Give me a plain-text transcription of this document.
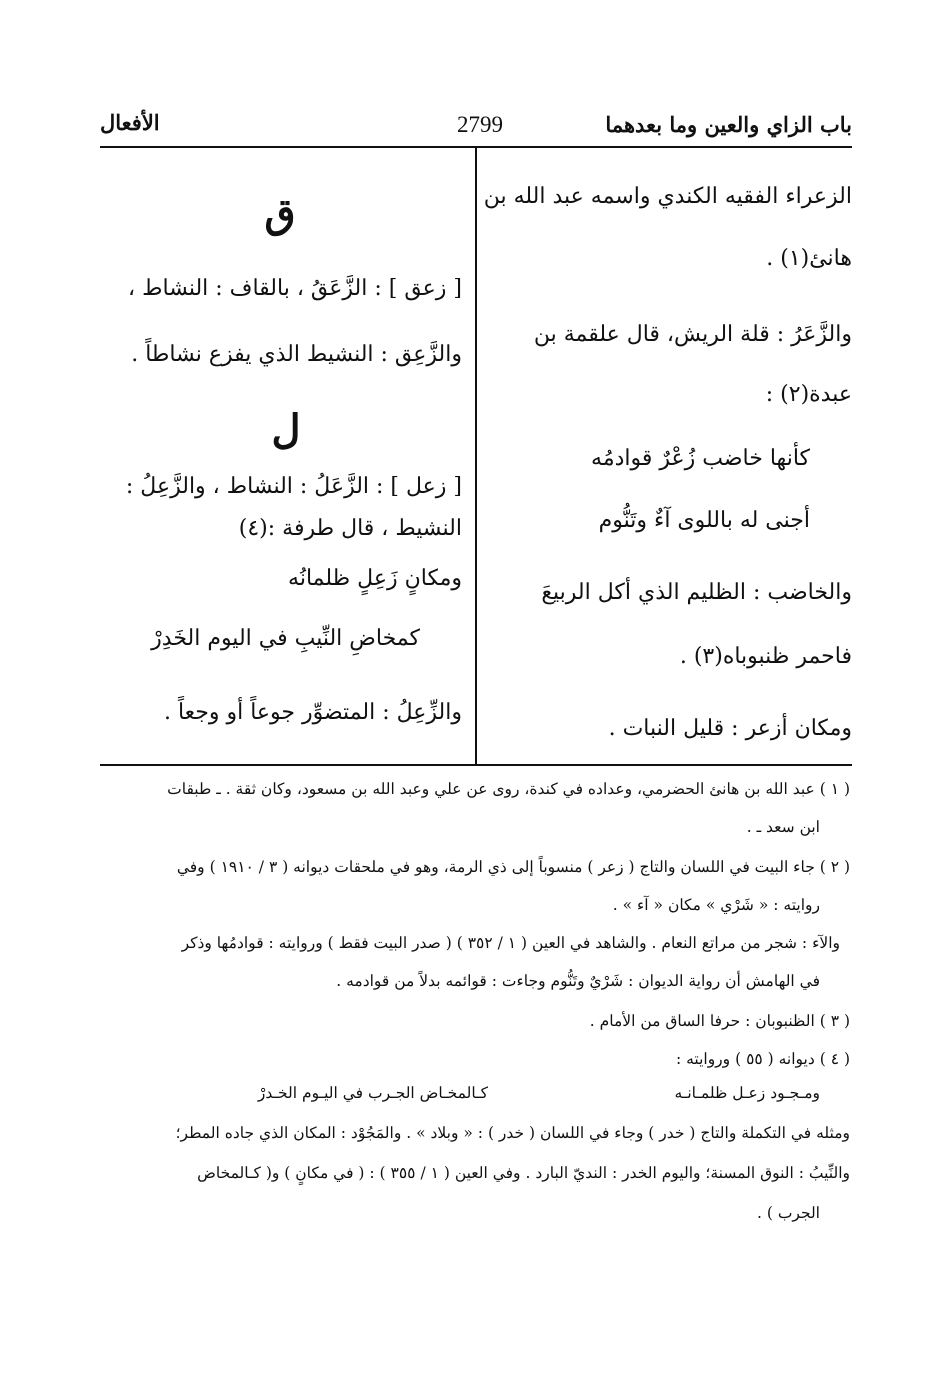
باب الزاي والعين وما بعدهما
2799
الأفعال
الزعراء الفقيه الكندي واسمه عبد الله بن
هانئ(١) .
والزَّعَرُ : قلة الريش، قال علقمة بن
عبدة(٢) :
كأنها خاضب زُعْرٌ قوادمُه
أجنى له باللوى آءٌ وتَنُّوم
والخاضب : الظليم الذي أكل الربيعَ
فاحمر ظنبوباه(٣) .
ومكان أزعر : قليل النبات .
ق
[ زعق ] : الزَّعَقُ ، بالقاف : النشاط ،
والزَّعِق : النشيط الذي يفزع نشاطاً .
ل
[ زعل ] : الزَّعَلُ : النشاط ، والزَّعِلُ :
النشيط ، قال طرفة :(٤)
ومكانٍ زَعِلٍ ظلمانُه
كمخاضِ النِّيبِ في اليوم الخَدِرْ
والزِّعِلُ : المتضوِّر جوعاً أو وجعاً .
( ١ ) عبد الله بن هانئ الحضرمي، وعداده في كندة، روى عن علي وعبد الله بن مسعود، وكان ثقة . ـ طبقات
ابن سعد ـ .
( ٢ ) جاء البيت في اللسان والتاج ( زعر ) منسوباً إلى ذي الرمة، وهو في ملحقات ديوانه ( ٣ / ١٩١٠ ) وفي
روايته : « شَرْي » مكان « آء » .
والآء : شجر من مراتع النعام . والشاهد في العين ( ١ / ٣٥٢ ) ( صدر البيت فقط ) وروايته : قوادمُها وذكر
في الهامش أن رواية الديوان : شَرْيٌ وتَنُّوم وجاءت : قوائمه بدلاً من قوادمه .
( ٣ ) الظنبوبان : حرفا الساق من الأمام .
( ٤ ) ديوانه ( ٥٥ ) وروايته :
ومـجـود زعـل ظلمـانـه
كـالمخـاض الجـرب في اليـوم الخـدرْ
ومثله في التكملة والتاج ( خدر ) وجاء في اللسان ( خدر ) : « وبلاد » . والمَجُوْد : المكان الذي جاده المطر؛
والنِّيبُ : النوق المسنة؛ واليوم الخدر : النديّ البارد . وفي العين ( ١ / ٣٥٥ ) : ( في مكانٍ ) و( كـالمخاض
الجرب ) .
